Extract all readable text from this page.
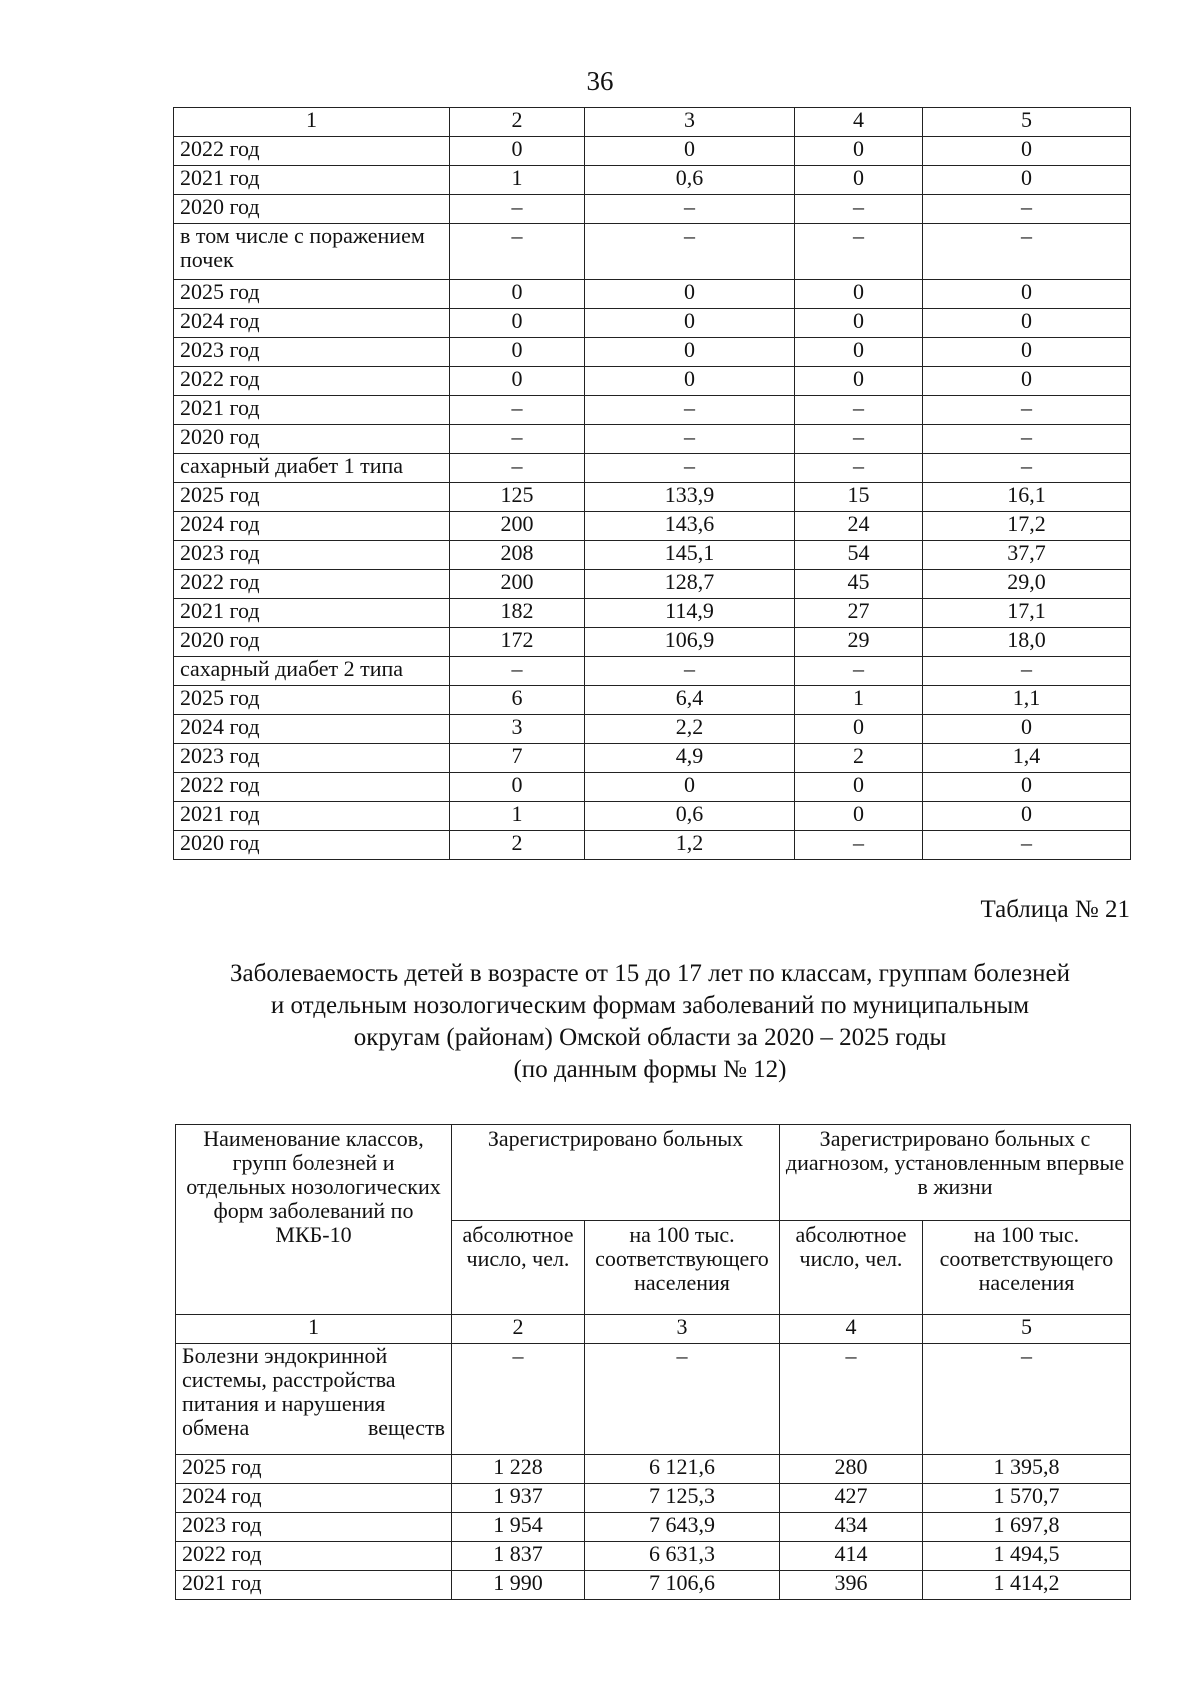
36
1	2	3	4	5
2022 год	0	0	0	0
2021 год	1	0,6	0	0
2020 год	–	–	–	–
в том числе с поражением почек	–	–	–	–
2025 год	0	0	0	0
2024 год	0	0	0	0
2023 год	0	0	0	0
2022 год	0	0	0	0
2021 год	–	–	–	–
2020 год	–	–	–	–
сахарный диабет 1 типа	–	–	–	–
2025 год	125	133,9	15	16,1
2024 год	200	143,6	24	17,2
2023 год	208	145,1	54	37,7
2022 год	200	128,7	45	29,0
2021 год	182	114,9	27	17,1
2020 год	172	106,9	29	18,0
сахарный диабет 2 типа	–	–	–	–
2025 год	6	6,4	1	1,1
2024 год	3	2,2	0	0
2023 год	7	4,9	2	1,4
2022 год	0	0	0	0
2021 год	1	0,6	0	0
2020 год	2	1,2	–	–
Таблица № 21
Заболеваемость детей в возрасте от 15 до 17 лет по классам, группам болезней
и отдельным нозологическим формам заболеваний по муниципальным
округам (районам) Омской области за 2020 – 2025 годы
(по данным формы № 12)
Наименование классов, групп болезней и отдельных нозологических форм заболеваний по МКБ-10	Зарегистрировано больных		Зарегистрировано больных с диагнозом, установленным впервые в жизни	
	абсолютное число, чел.	на 100 тыс. соответствующего населения	абсолютное число, чел.	на 100 тыс. соответствующего населения
1	2	3	4	5
Болезни эндокринной системы, расстройства питания и нарушения обмена веществ	–	–	–	–
2025 год	1 228	6 121,6	280	1 395,8
2024 год	1 937	7 125,3	427	1 570,7
2023 год	1 954	7 643,9	434	1 697,8
2022 год	1 837	6 631,3	414	1 494,5
2021 год	1 990	7 106,6	396	1 414,2
